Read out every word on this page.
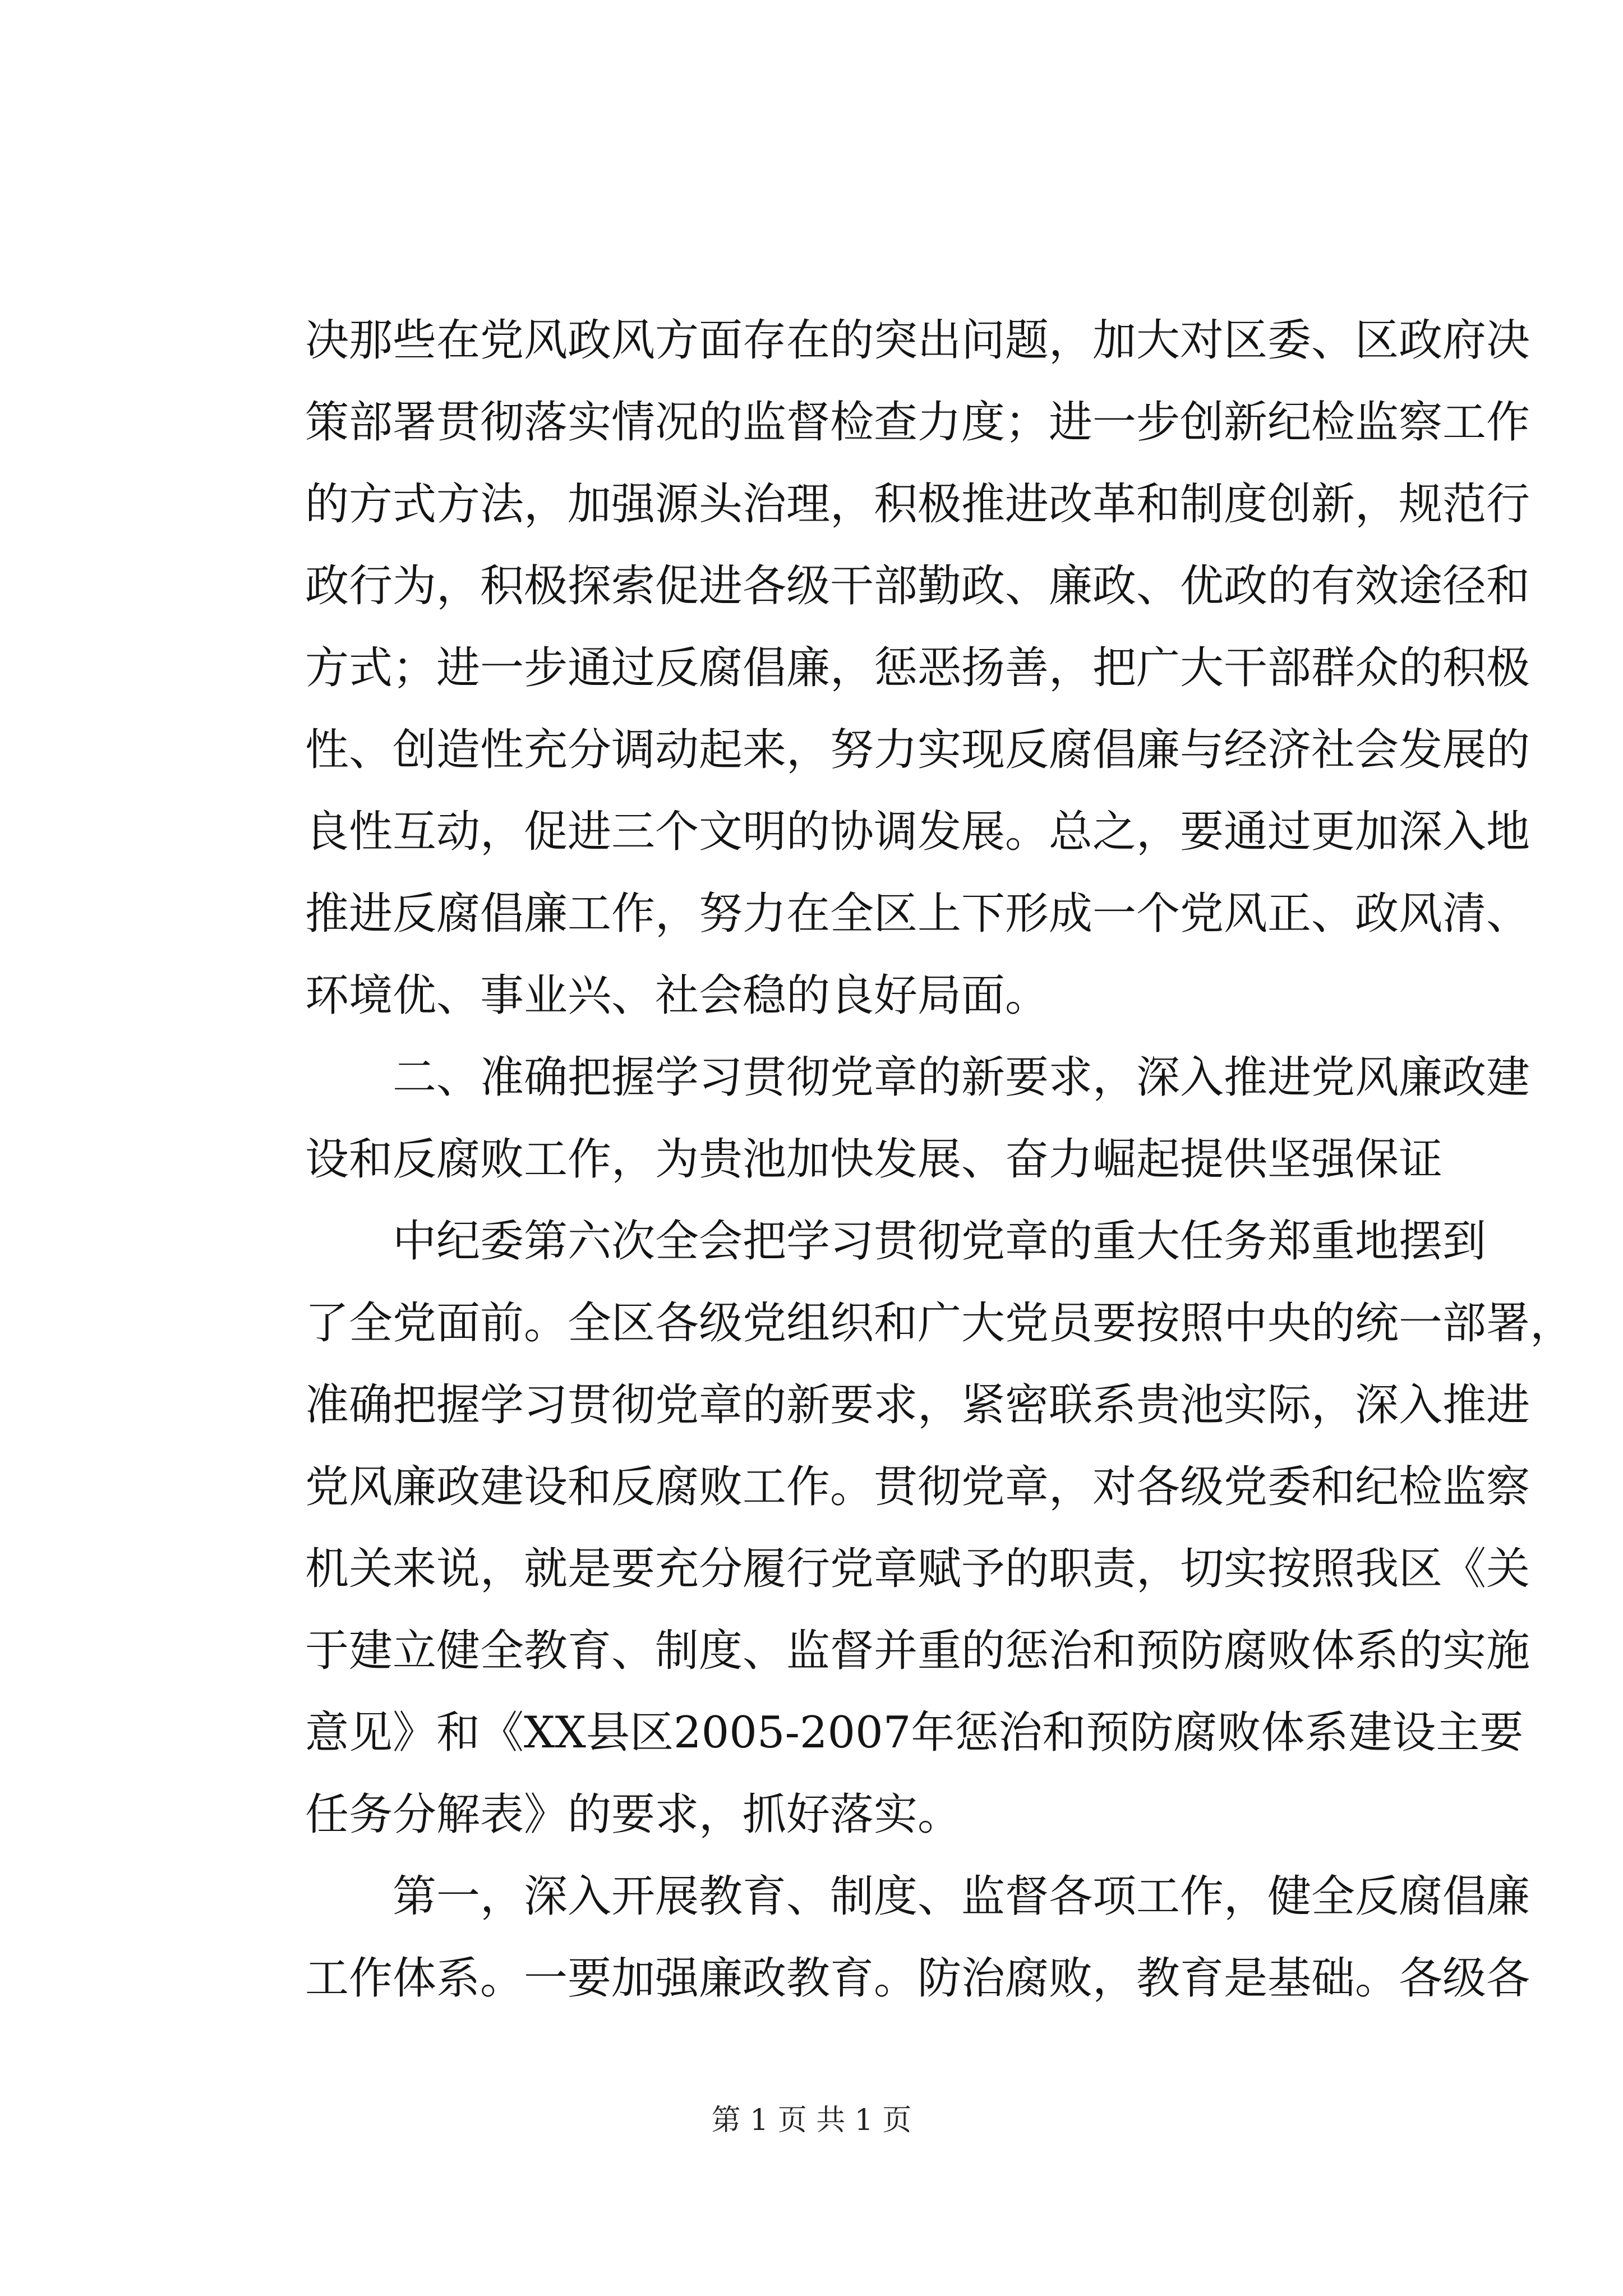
决那些在党风政风方面存在的突出问题，加大对区委、区政府决
策部署贯彻落实情况的监督检查力度；进一步创新纪检监察工作
的方式方法，加强源头治理，积极推进改革和制度创新，规范行
政行为，积极探索促进各级干部勤政、廉政、优政的有效途径和
方式；进一步通过反腐倡廉，惩恶扬善，把广大干部群众的积极
性、创造性充分调动起来，努力实现反腐倡廉与经济社会发展的
良性互动，促进三个文明的协调发展。总之，要通过更加深入地
推进反腐倡廉工作，努力在全区上下形成一个党风正、政风清、
环境优、事业兴、社会稳的良好局面。
　　二、准确把握学习贯彻党章的新要求，深入推进党风廉政建
设和反腐败工作，为贵池加快发展、奋力崛起提供坚强保证
　　中纪委第六次全会把学习贯彻党章的重大任务郑重地摆到
了全党面前。全区各级党组织和广大党员要按照中央的统一部署，
准确把握学习贯彻党章的新要求，紧密联系贵池实际，深入推进
党风廉政建设和反腐败工作。贯彻党章，对各级党委和纪检监察
机关来说，就是要充分履行党章赋予的职责，切实按照我区《关
于建立健全教育、制度、监督并重的惩治和预防腐败体系的实施
意见》和《XX县区2005-2007年惩治和预防腐败体系建设主要
任务分解表》的要求，抓好落实。
　　第一，深入开展教育、制度、监督各项工作，健全反腐倡廉
工作体系。一要加强廉政教育。防治腐败，教育是基础。各级各
第 1 页 共 1 页
